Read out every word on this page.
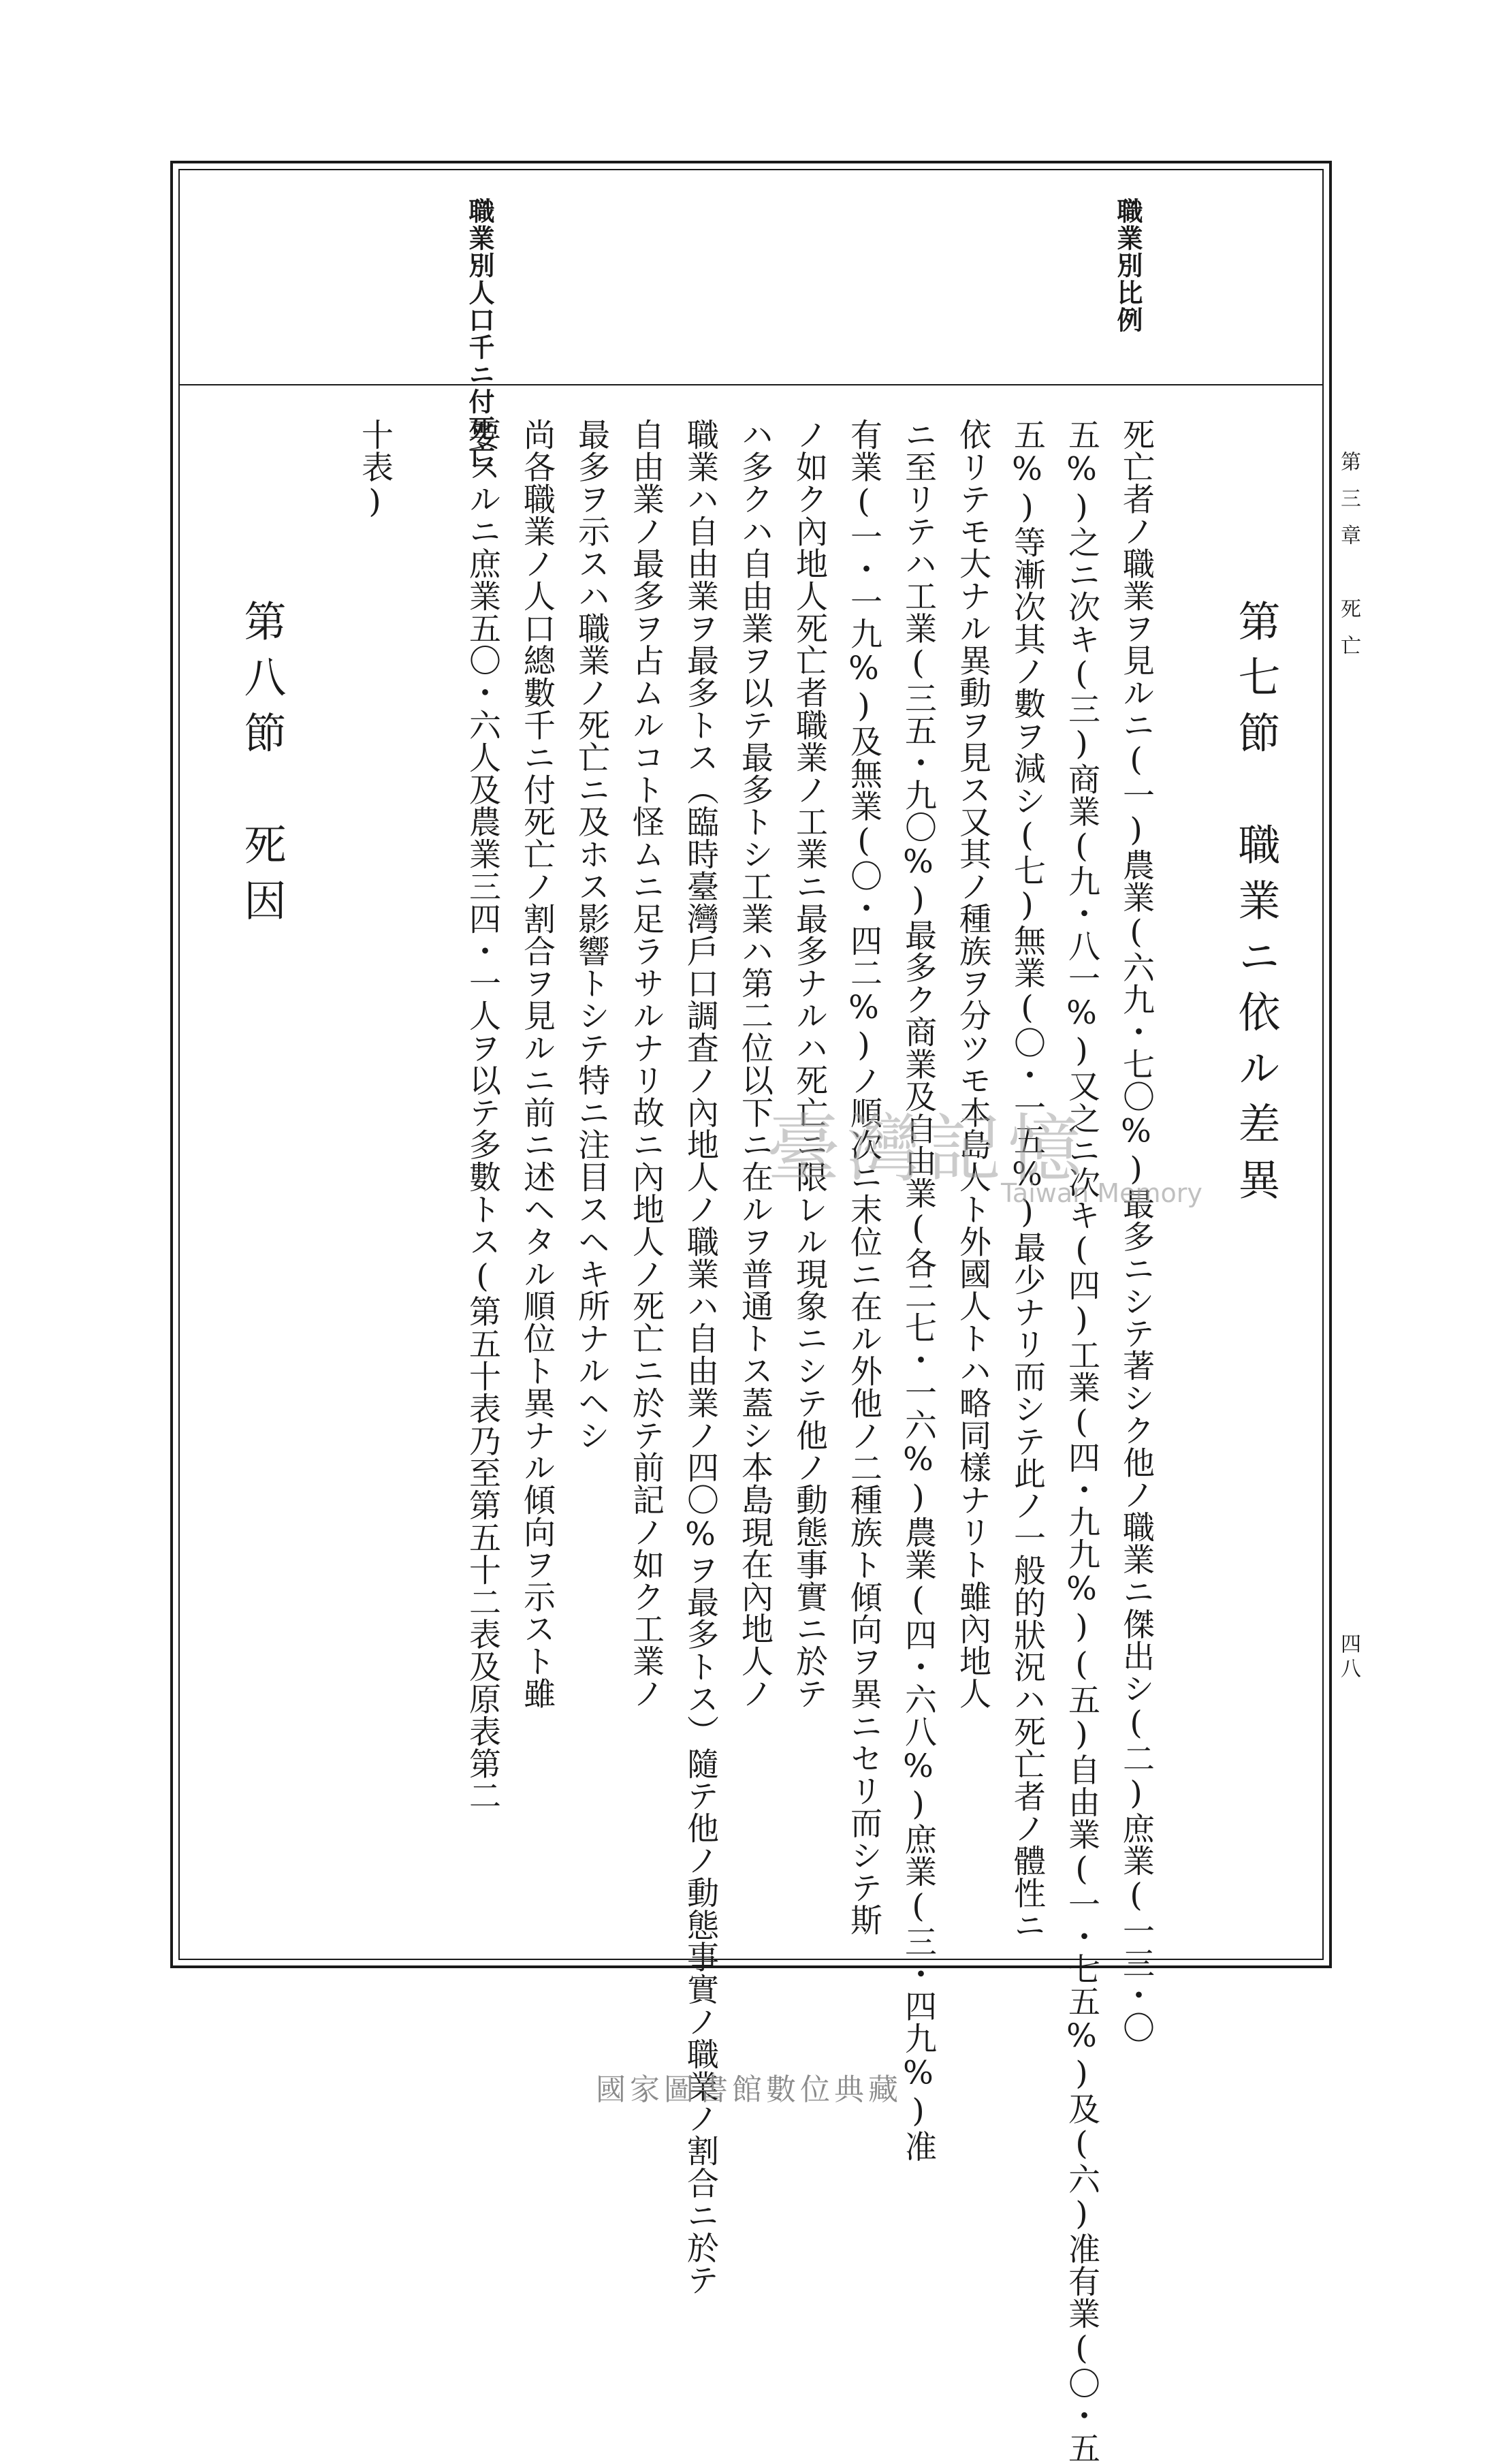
第三章　死亡
四八
職業別比例
職業別人口千ニ付死亡
第七節　職業ニ依ル差異
第八節　死因	死亡者ノ職業ヲ見ルニ(一)農業(六九・七〇%)最多ニシテ著シク他ノ職業ニ傑出シ(二)庶業(一三・〇
五%)之ニ次キ(三)商業(九・八一%)又之ニ次キ(四)工業(四・九九%)(五)自由業(一・七五%)及(六)准有業(〇・五
五%)等漸次其ノ數ヲ減シ(七)無業(〇・一五%)最少ナリ而シテ此ノ一般的狀況ハ死亡者ノ體性ニ
依リテモ大ナル異動ヲ見ス又其ノ種族ヲ分ツモ本島人ト外國人トハ略同樣ナリト雖內地人
ニ至リテハ工業(三五・九〇%)最多ク商業及自由業(各二七・一六%)農業(四・六八%)庶業(三・四九%)准
有業(一・一九%)及無業(〇・四二%)ノ順次ニ末位ニ在ル外他ノ二種族ト傾向ヲ異ニセリ而シテ斯
ノ如ク內地人死亡者職業ノ工業ニ最多ナルハ死亡ニ限レル現象ニシテ他ノ動態事實ニ於テ
ハ多クハ自由業ヲ以テ最多トシ工業ハ第二位以下ニ在ルヲ普通トス蓋シ本島現在內地人ノ
職業ハ自由業ヲ最多トス（臨時臺灣戶口調査ノ內地人ノ職業ハ自由業ノ四〇%ヲ最多トス）隨テ他ノ動態事實ノ職業ノ割合ニ於テ
自由業ノ最多ヲ占ムルコト怪ムニ足ラサルナリ故ニ內地人ノ死亡ニ於テ前記ノ如ク工業ノ
最多ヲ示スハ職業ノ死亡ニ及ホス影響トシテ特ニ注目スヘキ所ナルヘシ
尚各職業ノ人口總數千ニ付死亡ノ割合ヲ見ルニ前ニ述ヘタル順位ト異ナル傾向ヲ示スト雖
要スルニ庶業五〇・六人及農業三四・一人ヲ以テ多數トス(第五十表乃至第五十二表及原表第二
十表)
臺灣記憶
Taiwan Memory
國家圖書館數位典藏
